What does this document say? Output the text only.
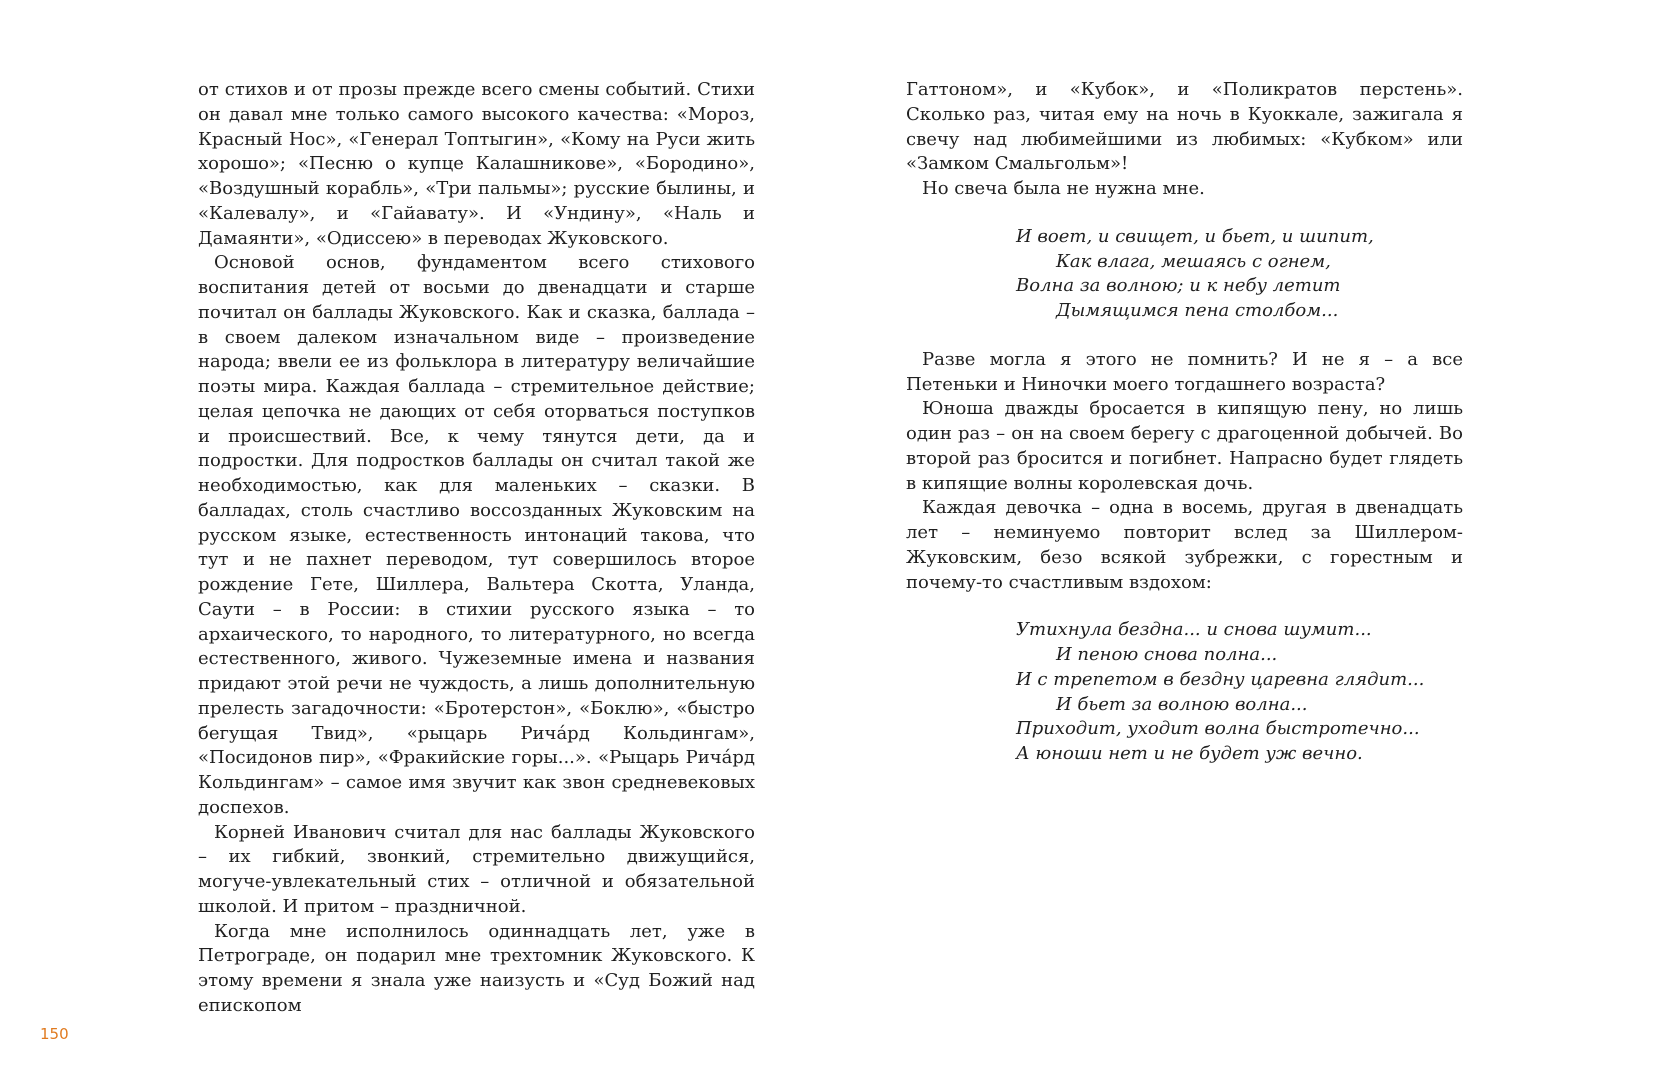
от стихов и от прозы прежде всего смены событий. Стихи он давал мне только самого высокого качества: «Мороз, Красный Нос», «Генерал Топтыгин», «Кому на Руси жить хорошо»; «Песню о купце Калашникове», «Бородино», «Воздушный корабль», «Три пальмы»; русские былины, и «Калевалу», и «Гайавату». И «Ундину», «Наль и Дамаянти», «Одиссею» в переводах Жуковского.

Основой основ, фундаментом всего стихового воспитания детей от восьми до двенадцати и старше почитал он баллады Жуковского. Как и сказка, баллада – в своем далеком изначальном виде – произведение народа; ввели ее из фольклора в литературу величайшие поэты мира. Каждая баллада – стремительное действие; целая цепочка не дающих от себя оторваться поступков и происшествий. Все, к чему тянутся дети, да и подростки. Для подростков баллады он считал такой же необходимостью, как для маленьких – сказки. В балладах, столь счастливо воссозданных Жуковским на русском языке, естественность интонаций такова, что тут и не пахнет переводом, тут совершилось второе рождение Гете, Шиллера, Вальтера Скотта, Уланда, Саути – в России: в стихии русского языка – то архаического, то народного, то литературного, но всегда естественного, живого. Чужеземные имена и названия придают этой речи не чуждость, а лишь дополнительную прелесть загадочности: «Бротерстон», «Боклю», «быстро бегущая Твид», «рыцарь Рича́рд Кольдингам», «Посидонов пир», «Фракийские горы...». «Рыцарь Рича́рд Кольдингам» – самое имя звучит как звон средневековых доспехов.

Корней Иванович считал для нас баллады Жуковского – их гибкий, звонкий, стремительно движущийся, могуче-увлекательный стих – отличной и обязательной школой. И притом – праздничной.

Когда мне исполнилось одиннадцать лет, уже в Петрограде, он подарил мне трехтомник Жуковского. К этому времени я знала уже наизусть и «Суд Божий над епископом

Гаттоном», и «Кубок», и «Поликратов перстень». Сколько раз, читая ему на ночь в Куоккале, зажигала я свечу над любимейшими из любимых: «Кубком» или «Замком Смальгольм»!

Но свеча была не нужна мне.

И воет, и свищет, и бьет, и шипит,
Как влага, мешаясь с огнем,
Волна за волною; и к небу летит
Дымящимся пена столбом...

Разве могла я этого не помнить? И не я – а все Петеньки и Ниночки моего тогдашнего возраста?

Юноша дважды бросается в кипящую пену, но лишь один раз – он на своем берегу с драгоценной добычей. Во второй раз бросится и погибнет. Напрасно будет глядеть в кипящие волны королевская дочь.

Каждая девочка – одна в восемь, другая в двенадцать лет – неминуемо повторит вслед за Шиллером-Жуковским, безо всякой зубрежки, с горестным и почему-то счастливым вздохом:

Утихнула бездна... и снова шумит...
И пеною снова полна...
И с трепетом в бездну царевна глядит...
И бьет за волною волна...
Приходит, уходит волна быстротечно...
А юноши нет и не будет уж вечно.
150
